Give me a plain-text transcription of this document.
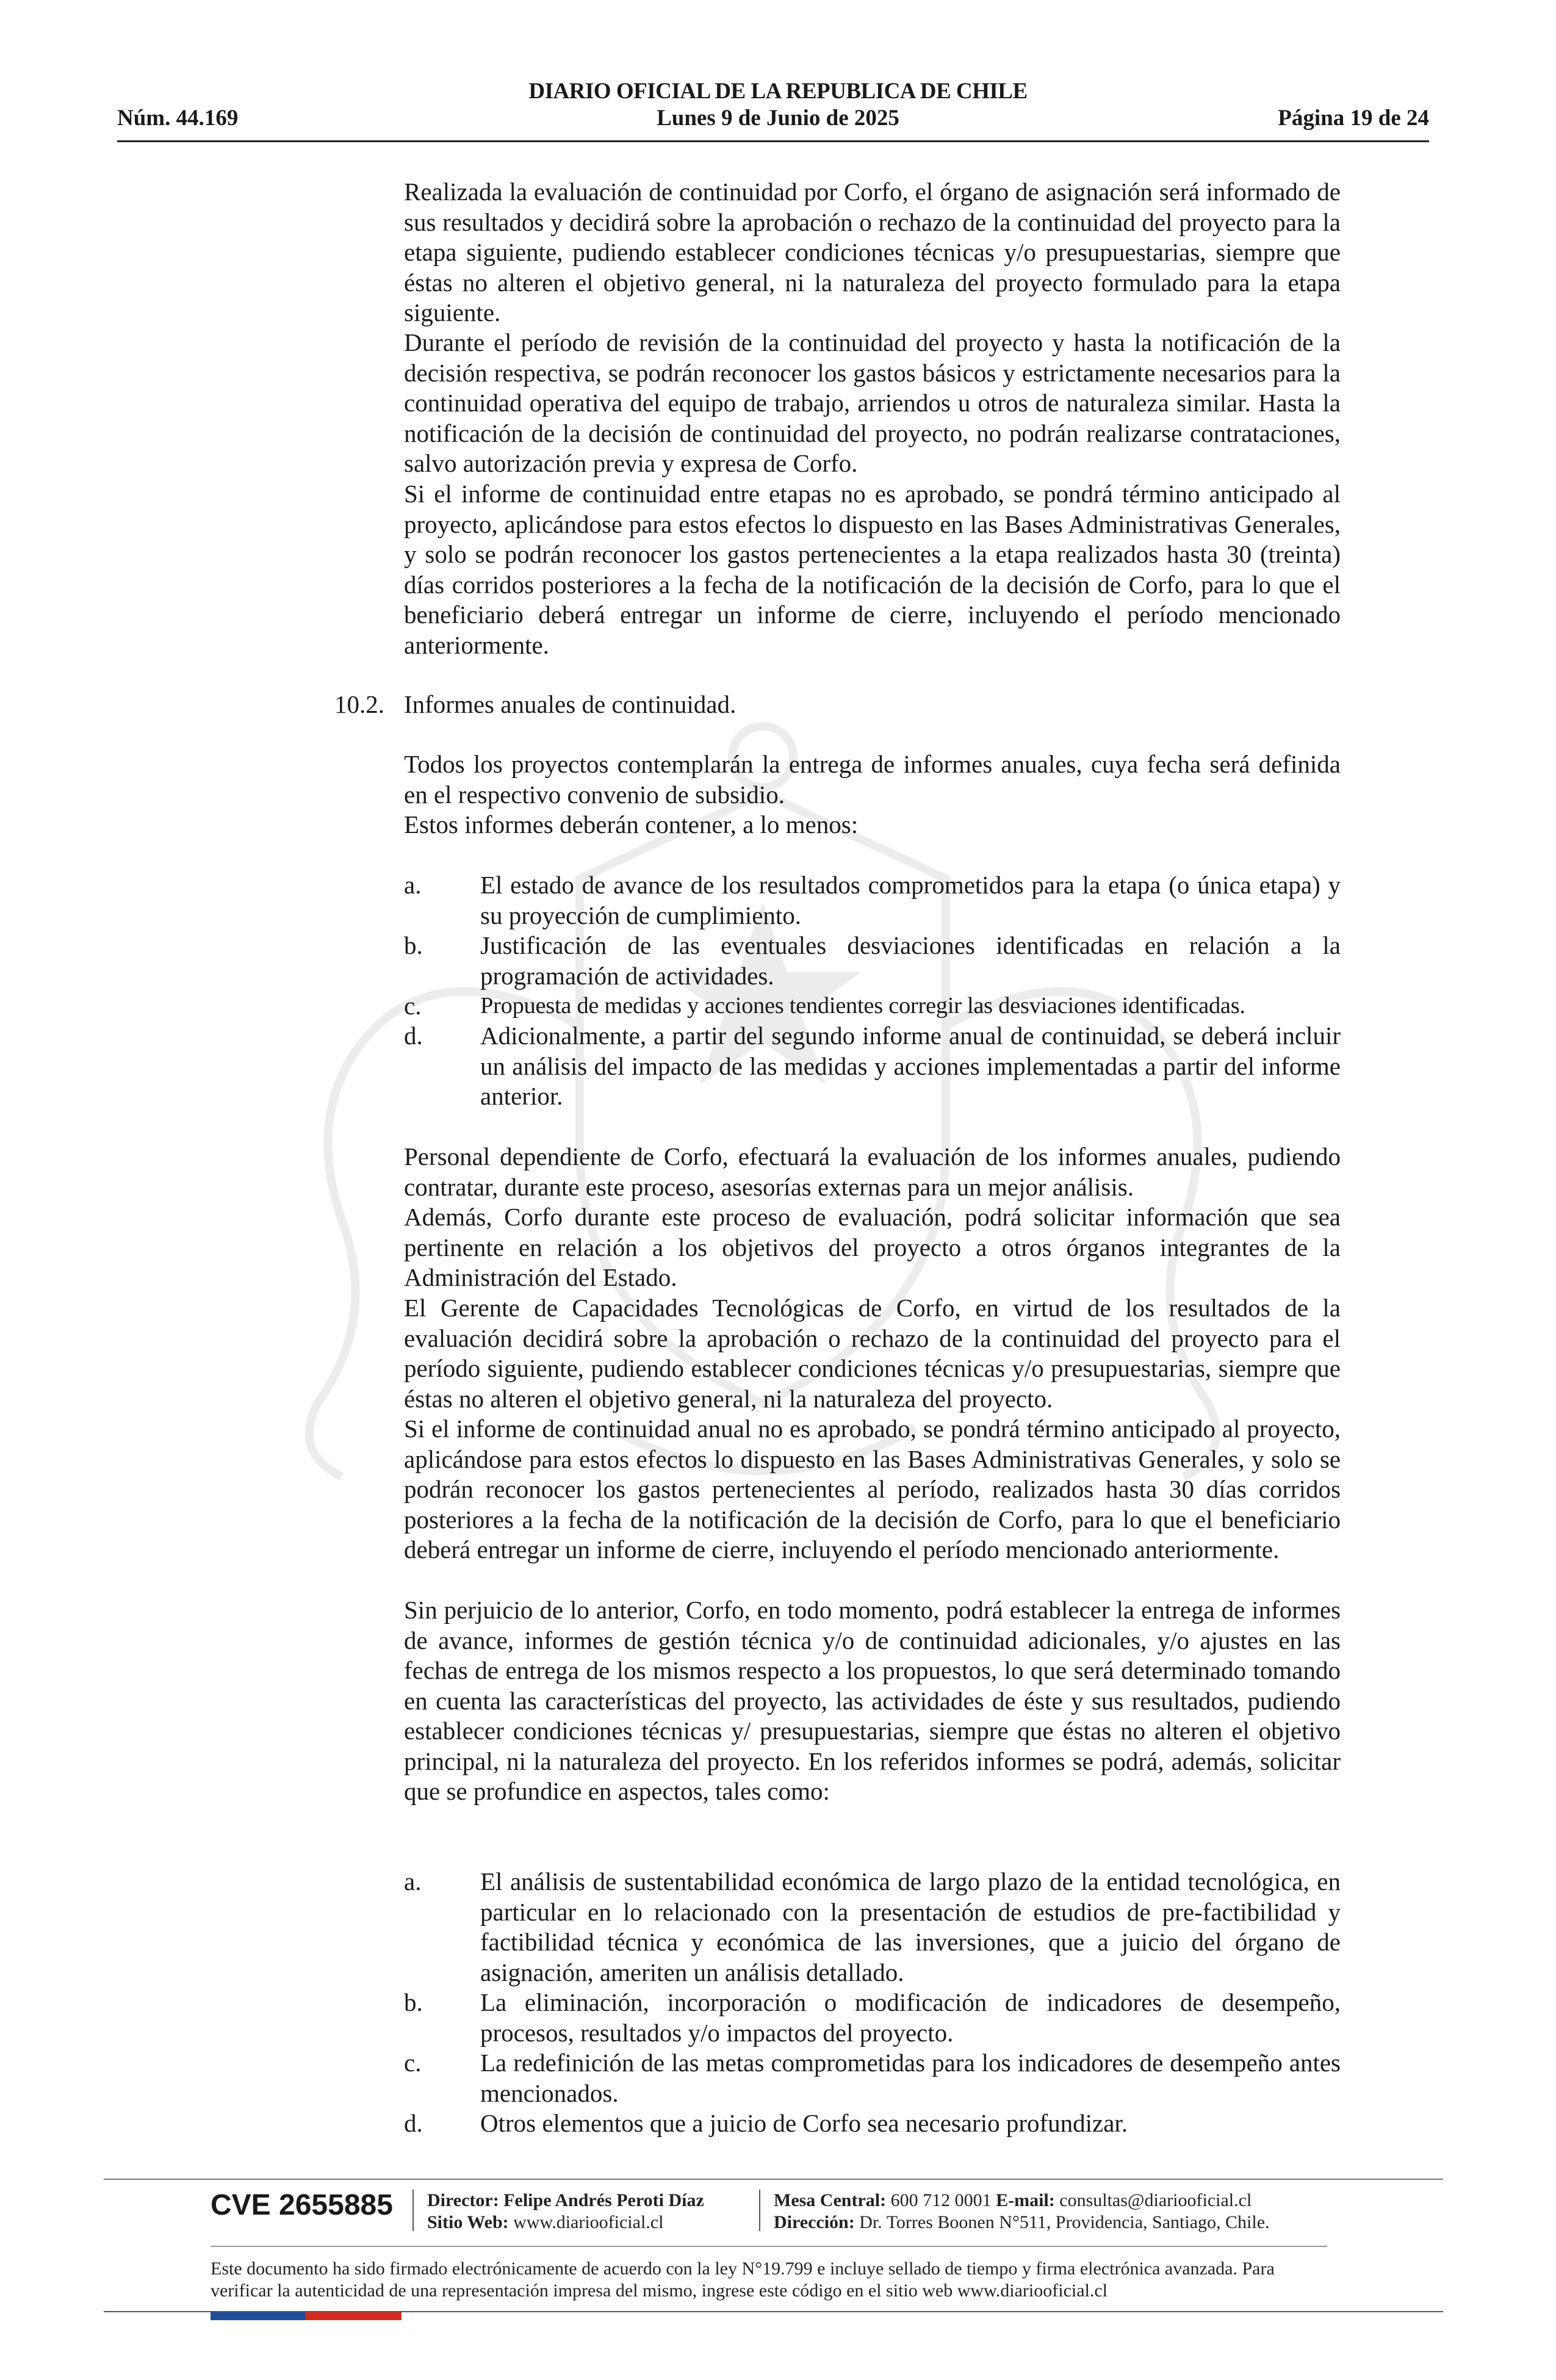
DIARIO OFICIAL DE LA REPUBLICA DE CHILE
Núm. 44.169	Lunes 9 de Junio de 2025	Página 19 de 24
Realizada la evaluación de continuidad por Corfo, el órgano de asignación será informado de sus resultados y decidirá sobre la aprobación o rechazo de la continuidad del proyecto para la etapa siguiente, pudiendo establecer condiciones técnicas y/o presupuestarias, siempre que éstas no alteren el objetivo general, ni la naturaleza del proyecto formulado para la etapa siguiente.
Durante el período de revisión de la continuidad del proyecto y hasta la notificación de la decisión respectiva, se podrán reconocer los gastos básicos y estrictamente necesarios para la continuidad operativa del equipo de trabajo, arriendos u otros de naturaleza similar. Hasta la notificación de la decisión de continuidad del proyecto, no podrán realizarse contrataciones, salvo autorización previa y expresa de Corfo.
Si el informe de continuidad entre etapas no es aprobado, se pondrá término anticipado al proyecto, aplicándose para estos efectos lo dispuesto en las Bases Administrativas Generales, y solo se podrán reconocer los gastos pertenecientes a la etapa realizados hasta 30 (treinta) días corridos posteriores a la fecha de la notificación de la decisión de Corfo, para lo que el beneficiario deberá entregar un informe de cierre, incluyendo el período mencionado anteriormente.
10.2. Informes anuales de continuidad.
Todos los proyectos contemplarán la entrega de informes anuales, cuya fecha será definida en el respectivo convenio de subsidio.
Estos informes deberán contener, a lo menos:
a. El estado de avance de los resultados comprometidos para la etapa (o única etapa) y su proyección de cumplimiento.
b. Justificación de las eventuales desviaciones identificadas en relación a la programación de actividades.
c.	Propuesta de medidas y acciones tendientes corregir las desviaciones identificadas.
d. Adicionalmente, a partir del segundo informe anual de continuidad, se deberá incluir un análisis del impacto de las medidas y acciones implementadas a partir del informe anterior.
Personal dependiente de Corfo, efectuará la evaluación de los informes anuales, pudiendo contratar, durante este proceso, asesorías externas para un mejor análisis.
Además, Corfo durante este proceso de evaluación, podrá solicitar información que sea pertinente en relación a los objetivos del proyecto a otros órganos integrantes de la Administración del Estado.
El Gerente de Capacidades Tecnológicas de Corfo, en virtud de los resultados de la evaluación decidirá sobre la aprobación o rechazo de la continuidad del proyecto para el período siguiente, pudiendo establecer condiciones técnicas y/o presupuestarias, siempre que éstas no alteren el objetivo general, ni la naturaleza del proyecto.
Si el informe de continuidad anual no es aprobado, se pondrá término anticipado al proyecto, aplicándose para estos efectos lo dispuesto en las Bases Administrativas Generales, y solo se podrán reconocer los gastos pertenecientes al período, realizados hasta 30 días corridos posteriores a la fecha de la notificación de la decisión de Corfo, para lo que el beneficiario deberá entregar un informe de cierre, incluyendo el período mencionado anteriormente.
Sin perjuicio de lo anterior, Corfo, en todo momento, podrá establecer la entrega de informes de avance, informes de gestión técnica y/o de continuidad adicionales, y/o ajustes en las fechas de entrega de los mismos respecto a los propuestos, lo que será determinado tomando en cuenta las características del proyecto, las actividades de éste y sus resultados, pudiendo establecer condiciones técnicas y/ presupuestarias, siempre que éstas no alteren el objetivo principal, ni la naturaleza del proyecto. En los referidos informes se podrá, además, solicitar que se profundice en aspectos, tales como:
a. El análisis de sustentabilidad económica de largo plazo de la entidad tecnológica, en particular en lo relacionado con la presentación de estudios de pre-factibilidad y factibilidad técnica y económica de las inversiones, que a juicio del órgano de asignación, ameriten un análisis detallado.
b. La eliminación, incorporación o modificación de indicadores de desempeño, procesos, resultados y/o impactos del proyecto.
c. La redefinición de las metas comprometidas para los indicadores de desempeño antes mencionados.
d. Otros elementos que a juicio de Corfo sea necesario profundizar.
CVE 2655885 Director: Felipe Andrés Peroti Díaz
Sitio Web: www.diariooficial.cl
Mesa Central: 600 712 0001 E-mail: consultas@diariooficial.cl
Dirección: Dr. Torres Boonen N°511, Providencia, Santiago, Chile.
Este documento ha sido firmado electrónicamente de acuerdo con la ley N°19.799 e incluye sellado de tiempo y firma electrónica avanzada. Para verificar la autenticidad de una representación impresa del mismo, ingrese este código en el sitio web www.diariooficial.cl
